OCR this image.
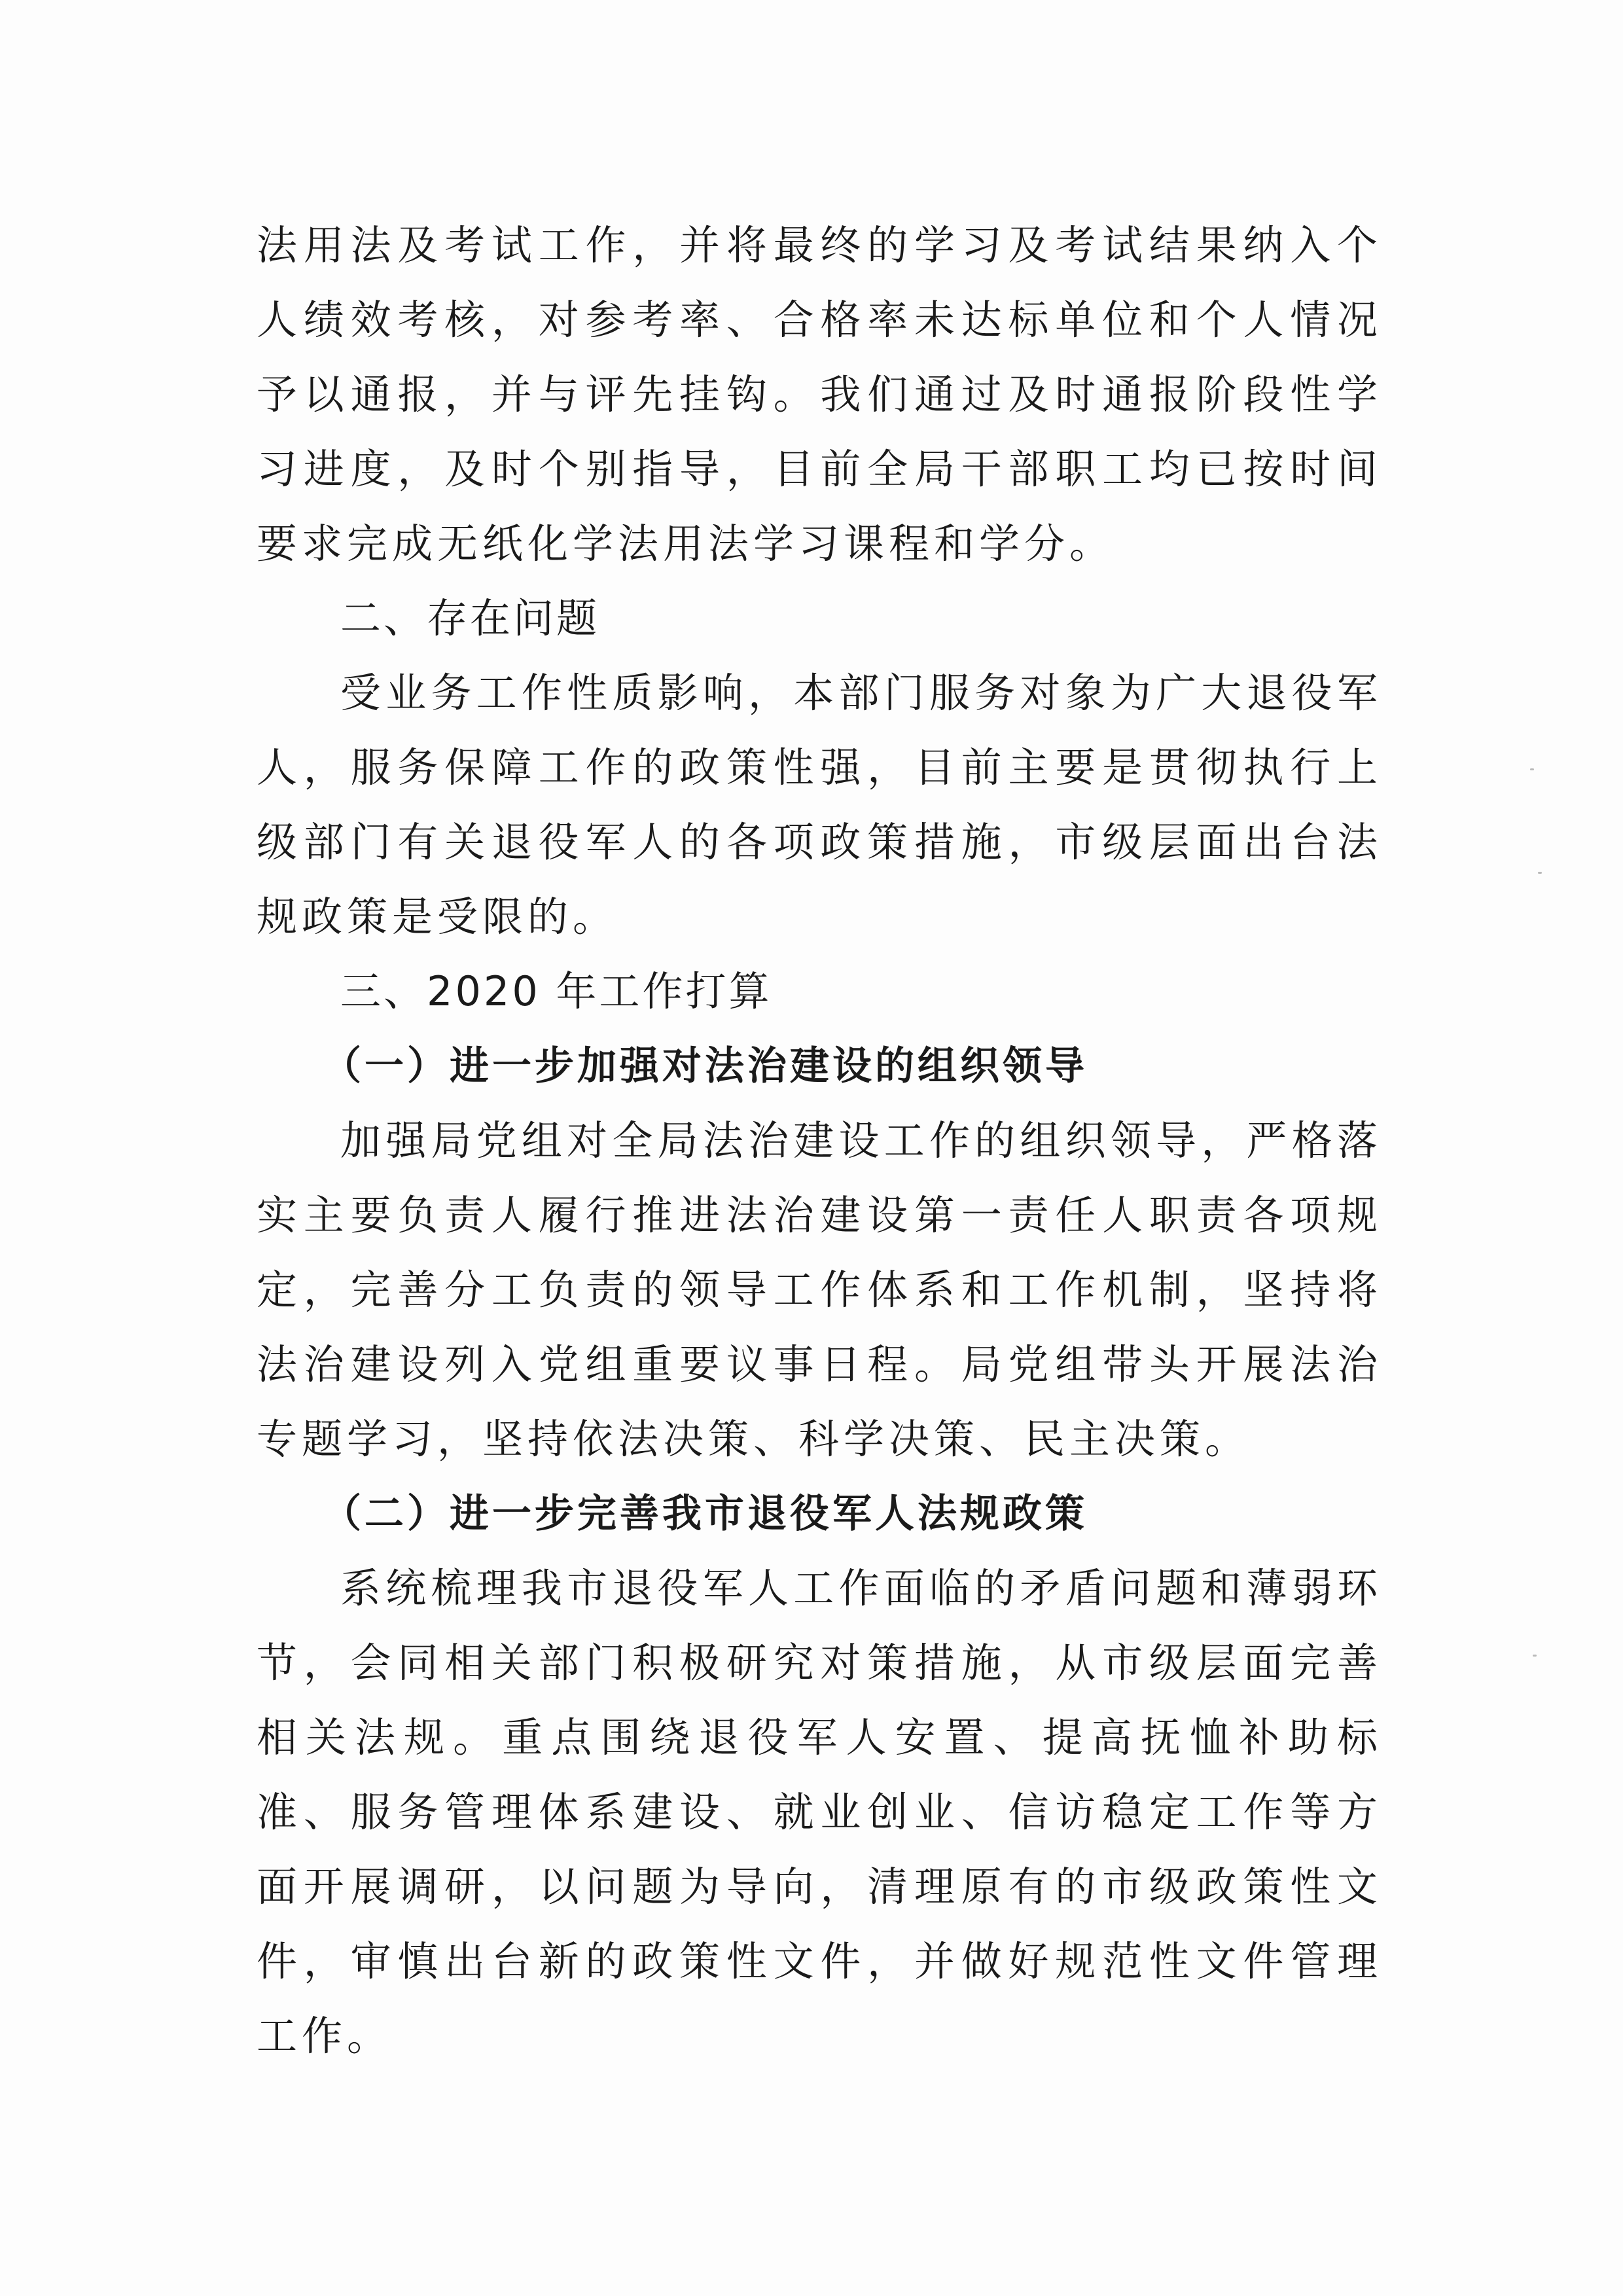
法用法及考试工作，并将最终的学习及考试结果纳入个人绩效考核，对参考率、合格率未达标单位和个人情况予以通报，并与评先挂钩。我们通过及时通报阶段性学习进度，及时个别指导，目前全局干部职工均已按时间要求完成无纸化学法用法学习课程和学分。

二、存在问题

受业务工作性质影响，本部门服务对象为广大退役军人，服务保障工作的政策性强，目前主要是贯彻执行上级部门有关退役军人的各项政策措施，市级层面出台法规政策是受限的。

三、2020 年工作打算
（一）进一步加强对法治建设的组织领导

加强局党组对全局法治建设工作的组织领导，严格落实主要负责人履行推进法治建设第一责任人职责各项规定，完善分工负责的领导工作体系和工作机制，坚持将法治建设列入党组重要议事日程。局党组带头开展法治专题学习，坚持依法决策、科学决策、民主决策。

（二）进一步完善我市退役军人法规政策

系统梳理我市退役军人工作面临的矛盾问题和薄弱环节，会同相关部门积极研究对策措施，从市级层面完善相关法规。重点围绕退役军人安置、提高抚恤补助标准、服务管理体系建设、就业创业、信访稳定工作等方面开展调研，以问题为导向，清理原有的市级政策性文件，审慎出台新的政策性文件，并做好规范性文件管理工作。
